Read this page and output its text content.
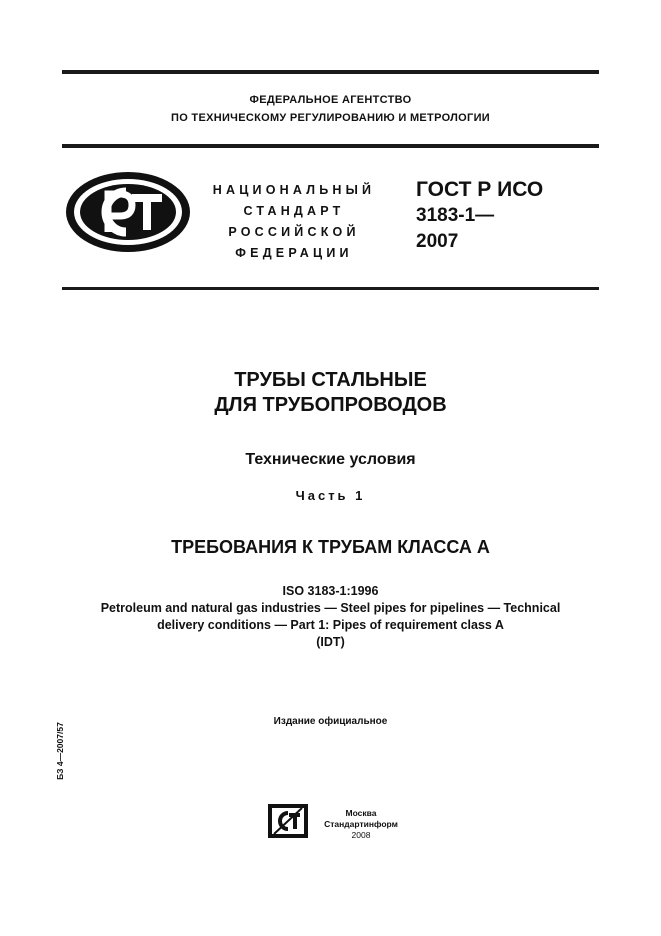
ФЕДЕРАЛЬНОЕ АГЕНТСТВО
ПО ТЕХНИЧЕСКОМУ РЕГУЛИРОВАНИЮ И МЕТРОЛОГИИ
НАЦИОНАЛЬНЫЙ
СТАНДАРТ
РОССИЙСКОЙ
ФЕДЕРАЦИИ
ГОСТ Р ИСО
3183-1—
2007
ТРУБЫ СТАЛЬНЫЕ
ДЛЯ ТРУБОПРОВОДОВ
Технические условия
Часть 1
ТРЕБОВАНИЯ К ТРУБАМ КЛАССА А
ISO 3183-1:1996
Petroleum and natural gas industries — Steel pipes for pipelines — Technical
delivery conditions — Part 1: Pipes of requirement class A
(IDT)
Издание официальное
БЗ 4—2007/57
Москва
Стандартинформ
2008
